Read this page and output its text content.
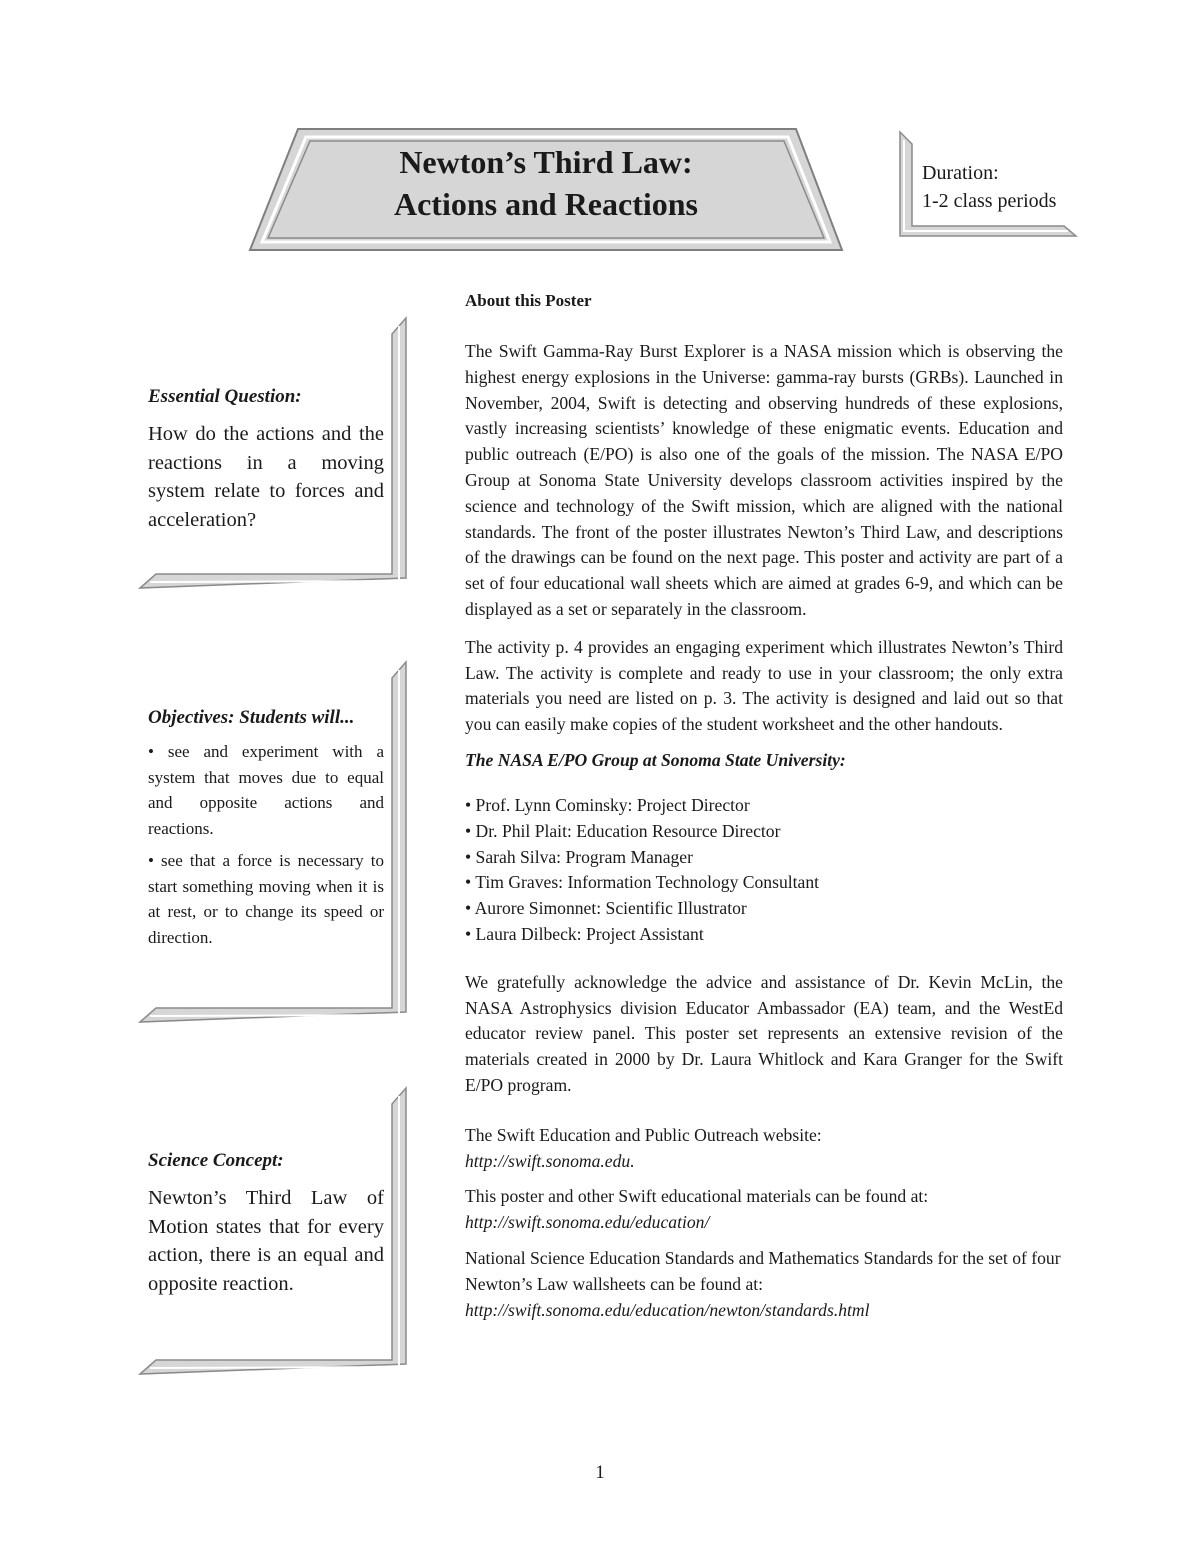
Newton’s Third Law:
Actions and Reactions
Duration:
1-2 class periods
Essential Question:
How do the actions and the reactions in a moving system relate to forces and acceleration?
Objectives: Students will...

• see and experiment with a system that moves due to equal and opposite actions and reactions.

• see that a force is necessary to start something moving when it is at rest, or to change its speed or direction.

Science Concept:
Newton’s Third Law of Motion states that for every action, there is an equal and opposite reaction.
About this Poster
The Swift Gamma-Ray Burst Explorer is a NASA mission which is observing the highest energy explosions in the Universe: gamma-ray bursts (GRBs). Launched in November, 2004, Swift is detecting and observing hundreds of these explosions, vastly increasing scientists’ knowledge of these enigmatic events. Education and public outreach (E/PO) is also one of the goals of the mission. The NASA E/PO Group at Sonoma State University develops classroom activities inspired by the science and technology of the Swift mission, which are aligned with the national standards. The front of the poster illustrates Newton’s Third Law, and descriptions of the drawings can be found on the next page. This poster and activity are part of a set of four educational wall sheets which are aimed at grades 6-9, and which can be displayed as a set or separately in the classroom.
The activity p. 4 provides an engaging experiment which illustrates Newton’s Third Law. The activity is complete and ready to use in your classroom; the only extra materials you need are listed on p. 3. The activity is designed and laid out so that you can easily make copies of the student worksheet and the other handouts.
The NASA E/PO Group at Sonoma State University:
• Prof. Lynn Cominsky: Project Director
• Dr. Phil Plait: Education Resource Director
• Sarah Silva: Program Manager
• Tim Graves: Information Technology Consultant
• Aurore Simonnet: Scientific Illustrator
• Laura Dilbeck: Project Assistant
We gratefully acknowledge the advice and assistance of Dr. Kevin McLin, the NASA Astrophysics division Educator Ambassador (EA) team, and the WestEd educator review panel. This poster set represents an extensive revision of the materials created in 2000 by Dr. Laura Whitlock and Kara Granger for the Swift E/PO program.
The Swift Education and Public Outreach website:
http://swift.sonoma.edu.
This poster and other Swift educational materials can be found at:
http://swift.sonoma.edu/education/
National Science Education Standards and Mathematics Standards for the set of four Newton’s Law wallsheets can be found at:
http://swift.sonoma.edu/education/newton/standards.html
1
